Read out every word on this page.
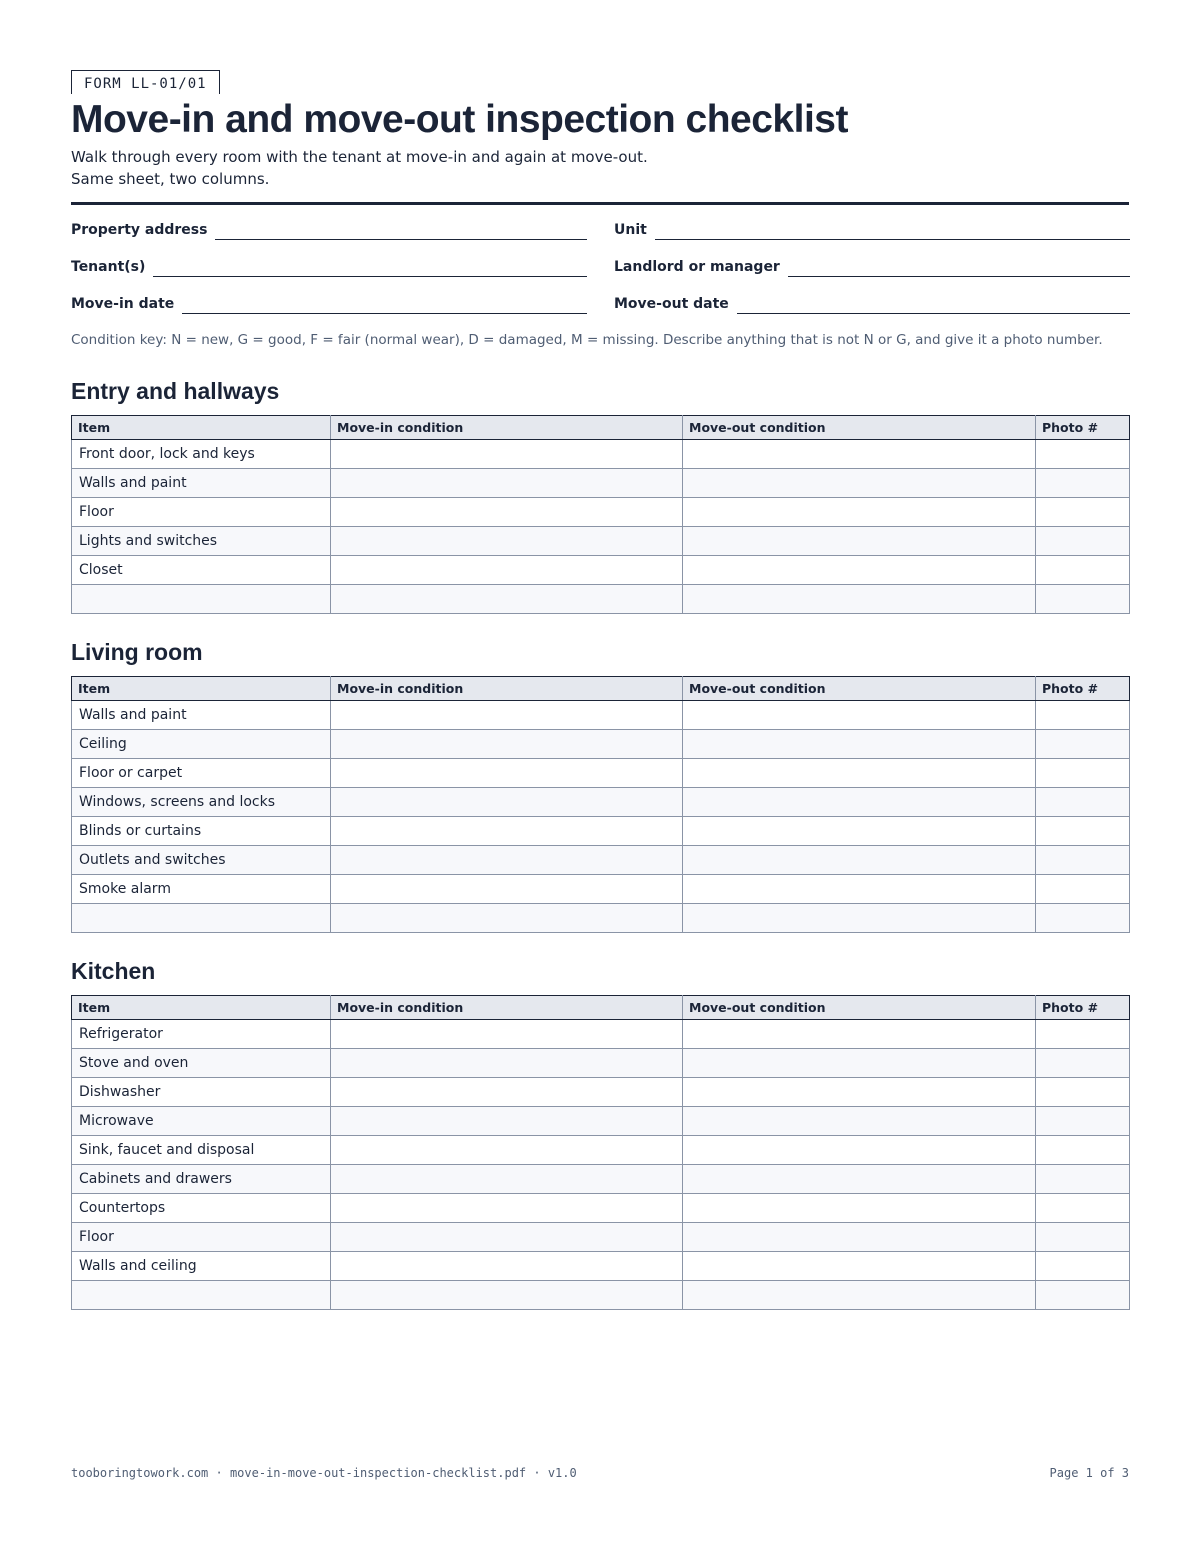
FORM LL-01/01
Move-in and move-out inspection checklist
Walk through every room with the tenant at move-in and again at move-out.
Same sheet, two columns.
Property address	Unit
Tenant(s)	Landlord or manager
Move-in date	Move-out date
Condition key: N = new, G = good, F = fair (normal wear), D = damaged, M = missing. Describe anything that is not N or G, and give it a photo number.
Entry and hallways
Item	Move-in condition	Move-out condition	Photo #
Front door, lock and keys			
Walls and paint			
Floor			
Lights and switches			
Closet			

Living room
Item	Move-in condition	Move-out condition	Photo #
Walls and paint			
Ceiling			
Floor or carpet			
Windows, screens and locks			
Blinds or curtains			
Outlets and switches			
Smoke alarm			

Kitchen
Item	Move-in condition	Move-out condition	Photo #
Refrigerator			
Stove and oven			
Dishwasher			
Microwave			
Sink, faucet and disposal			
Cabinets and drawers			
Countertops			
Floor			
Walls and ceiling			

tooboringtowork.com · move-in-move-out-inspection-checklist.pdf · v1.0	Page 1 of 3
